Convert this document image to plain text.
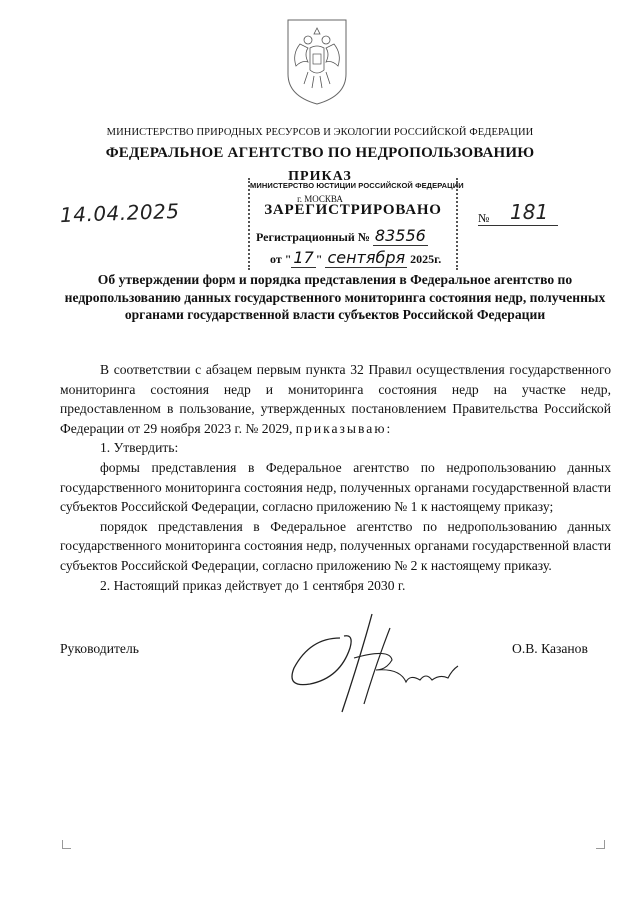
МИНИСТЕРСТВО ПРИРОДНЫХ РЕСУРСОВ И ЭКОЛОГИИ РОССИЙСКОЙ ФЕДЕРАЦИИ
ФЕДЕРАЛЬНОЕ АГЕНТСТВО ПО НЕДРОПОЛЬЗОВАНИЮ
ПРИКАЗ
г. МОСКВА
14.04.2025	№ 181
МИНИСТЕРСТВО ЮСТИЦИИ РОССИЙСКОЙ ФЕДЕРАЦИИ
ЗАРЕГИСТРИРОВАНО
Регистрационный № 83556
от " 17 " сентября 2025г.
Об утверждении форм и порядка представления в Федеральное агентство по недропользованию данных государственного мониторинга состояния недр, полученных органами государственной власти субъектов Российской Федерации

В соответствии с абзацем первым пункта 32 Правил осуществления государственного мониторинга состояния недр и мониторинга состояния недр на участке недр, предоставленном в пользование, утвержденных постановлением Правительства Российской Федерации от 29 ноября 2023 г. № 2029, приказываю:

1. Утвердить:

формы представления в Федеральное агентство по недропользованию данных государственного мониторинга состояния недр, полученных органами государственной власти субъектов Российской Федерации, согласно приложению № 1 к настоящему приказу;

порядок представления в Федеральное агентство по недропользованию данных государственного мониторинга состояния недр, полученных органами государственной власти субъектов Российской Федерации, согласно приложению № 2 к настоящему приказу.

2. Настоящий приказ действует до 1 сентября 2030 г.

Руководитель	О.В. Казанов
